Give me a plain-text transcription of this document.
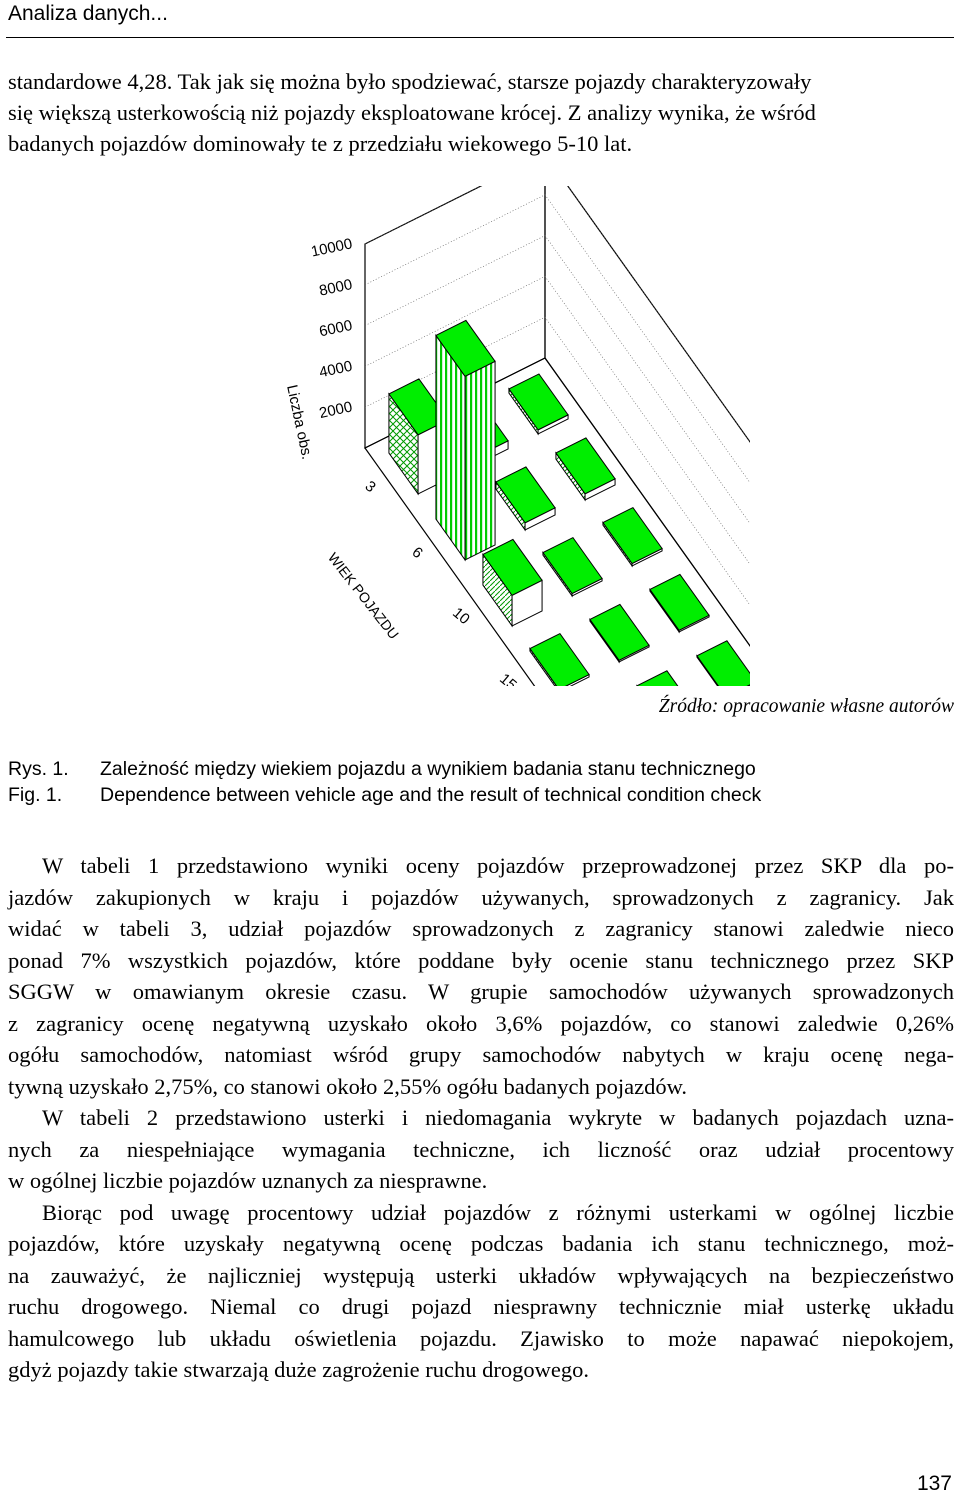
Analiza danych...
standardowe 4,28. Tak jak się można było spodziewać, starsze pojazdy charakteryzowały
się większą usterkowością niż pojazdy eksploatowane krócej. Z analizy wynika, że wśród
badanych pojazdów dominowały te z przedziału wiekowego 5-10 lat.
2000
4000
6000
8000
10000
Liczba obs.
3
6
10
15
WIEK POJAZDU
Źródło: opracowanie własne autorów
Rys. 1. Zależność między wiekiem pojazdu a wynikiem badania stanu technicznego
Fig. 1. Dependence between vehicle age and the result of technical condition check

W tabeli 1 przedstawiono wyniki oceny pojazdów przeprowadzonej przez SKP dla po-
jazdów zakupionych w kraju i pojazdów używanych, sprowadzonych z zagranicy. Jak
widać w tabeli 3, udział pojazdów sprowadzonych z zagranicy stanowi zaledwie nieco
ponad 7% wszystkich pojazdów, które poddane były ocenie stanu technicznego przez SKP
SGGW w omawianym okresie czasu. W grupie samochodów używanych sprowadzonych
z zagranicy ocenę negatywną uzyskało około 3,6% pojazdów, co stanowi zaledwie 0,26%
ogółu samochodów, natomiast wśród grupy samochodów nabytych w kraju ocenę nega-
tywną uzyskało 2,75%, co stanowi około 2,55% ogółu badanych pojazdów.

W tabeli 2 przedstawiono usterki i niedomagania wykryte w badanych pojazdach uzna-
nych za niespełniające wymagania techniczne, ich liczność oraz udział procentowy
w ogólnej liczbie pojazdów uznanych za niesprawne.

Biorąc pod uwagę procentowy udział pojazdów z różnymi usterkami w ogólnej liczbie
pojazdów, które uzyskały negatywną ocenę podczas badania ich stanu technicznego, moż-
na zauważyć, że najliczniej występują usterki układów wpływających na bezpieczeństwo
ruchu drogowego. Niemal co drugi pojazd niesprawny technicznie miał usterkę układu
hamulcowego lub układu oświetlenia pojazdu. Zjawisko to może napawać niepokojem,
gdyż pojazdy takie stwarzają duże zagrożenie ruchu drogowego.

137
